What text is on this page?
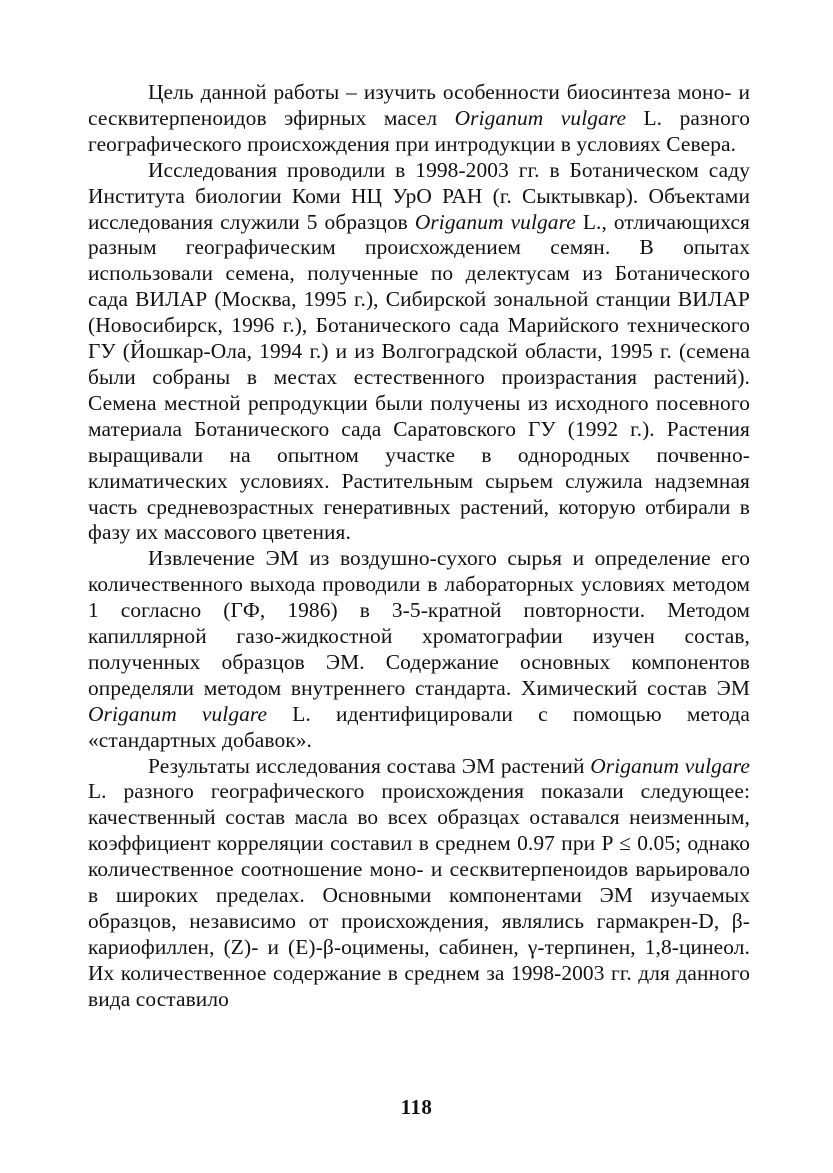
Цель данной работы – изучить особенности биосинтеза моно- и сесквитерпеноидов эфирных масел Origanum vulgare L. разного географического происхождения при интродукции в условиях Севера.

Исследования проводили в 1998-2003 гг. в Ботаническом саду Института биологии Коми НЦ УрО РАН (г. Сыктывкар). Объектами исследования служили 5 образцов Origanum vulgare L., отличающихся разным географическим происхождением семян. В опытах использовали семена, полученные по делектусам из Ботанического сада ВИЛАР (Москва, 1995 г.), Сибирской зональной станции ВИЛАР (Новосибирск, 1996 г.), Ботанического сада Марийского технического ГУ (Йошкар-Ола, 1994 г.) и из Волгоградской области, 1995 г. (семена были собраны в местах естественного произрастания растений). Семена местной репродукции были получены из исходного посевного материала Ботанического сада Саратовского ГУ (1992 г.). Растения выращивали на опытном участке в однородных почвенно-климатических условиях. Растительным сырьем служила надземная часть средневозрастных генеративных растений, которую отбирали в фазу их массового цветения.

Извлечение ЭМ из воздушно-сухого сырья и определение его количественного выхода проводили в лабораторных условиях методом 1 согласно (ГФ, 1986) в 3-5-кратной повторности. Методом капиллярной газо-жидкостной хроматографии изучен состав, полученных образцов ЭМ. Содержание основных компонентов определяли методом внутреннего стандарта. Химический состав ЭМ Origanum vulgare L. идентифицировали с помощью метода «стандартных добавок».

Результаты исследования состава ЭМ растений Origanum vulgare L. разного географического происхождения показали следующее: качественный состав масла во всех образцах оставался неизменным, коэффициент корреляции составил в среднем 0.97 при P ≤ 0.05; однако количественное соотношение моно- и сесквитерпеноидов варьировало в широких пределах. Основными компонентами ЭМ изучаемых образцов, независимо от происхождения, являлись гармакрен-D, β-кариофиллен, (Z)- и (E)-β-оцимены, сабинен, γ-терпинен, 1,8-цинеол. Их количественное содержание в среднем за 1998-2003 гг. для данного вида составило

118
